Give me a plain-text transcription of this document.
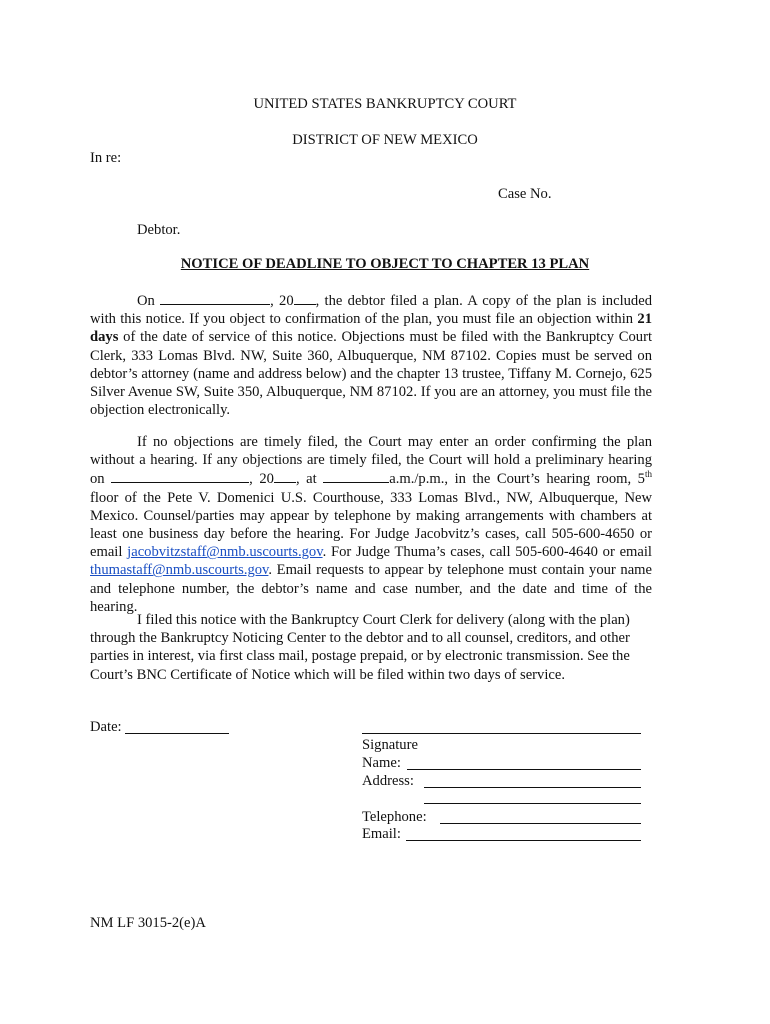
UNITED STATES BANKRUPTCY COURT
DISTRICT OF NEW MEXICO
In re:
Case No.
Debtor.
NOTICE OF DEADLINE TO OBJECT TO CHAPTER 13 PLAN

On	, 20 , the debtor filed a plan. A copy of the plan is included with this notice. If you object to confirmation of the plan, you must file an objection within 21 days of the date of service of this notice. Objections must be filed with the Bankruptcy Court Clerk, 333 Lomas Blvd. NW, Suite 360, Albuquerque, NM 87102. Copies must be served on debtor’s attorney (name and address below) and the chapter 13 trustee, Tiffany M. Cornejo, 625 Silver Avenue SW, Suite 350, Albuquerque, NM 87102. If you are an attorney, you must file the objection electronically.

If no objections are timely filed, the Court may enter an order confirming the plan without a hearing. If any objections are timely filed, the Court will hold a preliminary hearing on	, 20 , at	a.m./p.m., in the Court’s hearing room, 5th floor of the Pete V. Domenici U.S. Courthouse, 333 Lomas Blvd., NW, Albuquerque, New Mexico. Counsel/parties may appear by telephone by making arrangements with chambers at least one business day before the hearing. For Judge Jacobvitz’s cases, call 505-600-4650 or email jacobvitzstaff@nmb.uscourts.gov. For Judge Thuma’s cases, call 505-600-4640 or email thumastaff@nmb.uscourts.gov. Email requests to appear by telephone must contain your name and telephone number, the debtor’s name and case number, and the date and time of the hearing.

I filed this notice with the Bankruptcy Court Clerk for delivery (along with the plan) through the Bankruptcy Noticing Center to the debtor and to all counsel, creditors, and other parties in interest, via first class mail, postage prepaid, or by electronic transmission. See the Court’s BNC Certificate of Notice which will be filed within two days of service.

Date:
Signature
Name:
Address:
Telephone:
Email:
NM LF 3015-2(e)A
